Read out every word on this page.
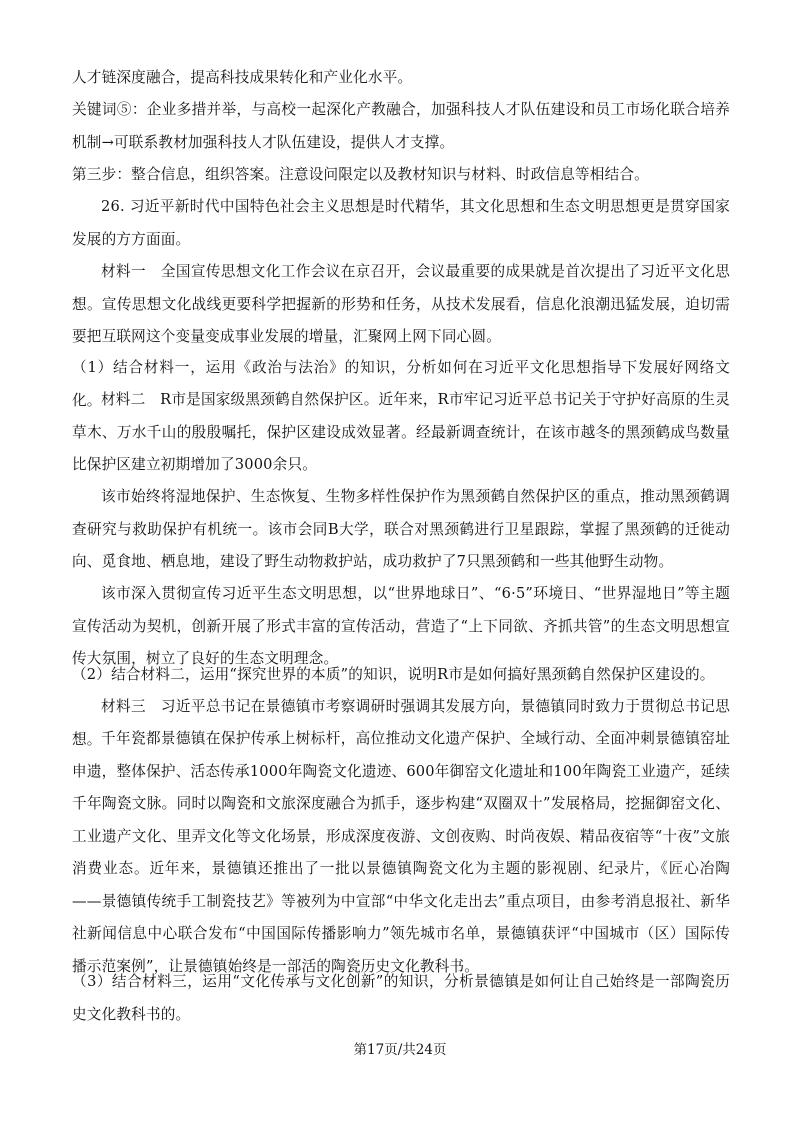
人才链深度融合，提高科技成果转化和产业化水平。

关键词⑤：企业多措并举，与高校一起深化产教融合，加强科技人才队伍建设和员工市场化联合培养机制→可联系教材加强科技人才队伍建设，提供人才支撑。

第三步：整合信息，组织答案。注意设问限定以及教材知识与材料、时政信息等相结合。

26. 习近平新时代中国特色社会主义思想是时代精华，其文化思想和生态文明思想更是贯穿国家发展的方方面面。

材料一　全国宣传思想文化工作会议在京召开，会议最重要的成果就是首次提出了习近平文化思想。宣传思想文化战线更要科学把握新的形势和任务，从技术发展看，信息化浪潮迅猛发展，迫切需要把互联网这个变量变成事业发展的增量，汇聚网上网下同心圆。

（1）结合材料一，运用《政治与法治》的知识，分析如何在习近平文化思想指导下发展好网络文化。 材料二　R市是国家级黑颈鹤自然保护区。近年来，R市牢记习近平总书记关于守护好高原的生灵草木、万水千山的殷殷嘱托，保护区建设成效显著。经最新调查统计，在该市越冬的黑颈鹤成鸟数量比保护区建立初期增加了3000余只。

该市始终将湿地保护、生态恢复、生物多样性保护作为黑颈鹤自然保护区的重点，推动黑颈鹤调查研究与救助保护有机统一。该市会同B大学，联合对黑颈鹤进行卫星跟踪，掌握了黑颈鹤的迁徙动向、觅食地、栖息地，建设了野生动物救护站，成功救护了7只黑颈鹤和一些其他野生动物。

该市深入贯彻宣传习近平生态文明思想，以“世界地球日”、“6·5”环境日、“世界湿地日”等主题宣传活动为契机，创新开展了形式丰富的宣传活动，营造了“上下同欲、齐抓共管”的生态文明思想宣传大氛围，树立了良好的生态文明理念。

（2）结合材料二，运用“探究世界的本质”的知识，说明R市是如何搞好黑颈鹤自然保护区建设的。

材料三　习近平总书记在景德镇市考察调研时强调其发展方向，景德镇同时致力于贯彻总书记思想。 千年瓷都景德镇在保护传承上树标杆，高位推动文化遗产保护、全域行动、全面冲刺景德镇窑址申遗，整体保护、活态传承1000年陶瓷文化遗迹、600年御窑文化遗址和100年陶瓷工业遗产，延续千年陶瓷文脉。同时以陶瓷和文旅深度融合为抓手，逐步构建“双圈双十”发展格局，挖掘御窑文化、工业遗产文化、里弄文化等文化场景，形成深度夜游、文创夜购、时尚夜娱、精品夜宿等“十夜”文旅消费业态。近年来，景德镇还推出了一批以景德镇陶瓷文化为主题的影视剧、纪录片，《匠心冶陶——景德镇传统手工制瓷技艺》等被列为中宣部“中华文化走出去”重点项目，由参考消息报社、新华社新闻信息中心联合发布“中国国际传播影响力”领先城市名单，景德镇获评“中国城市（区）国际传播示范案例”，让景德镇始终是一部活的陶瓷历史文化教科书。

（3）结合材料三，运用“文化传承与文化创新”的知识，分析景德镇是如何让自己始终是一部陶瓷历史文化教科书的。

第17页/共24页
